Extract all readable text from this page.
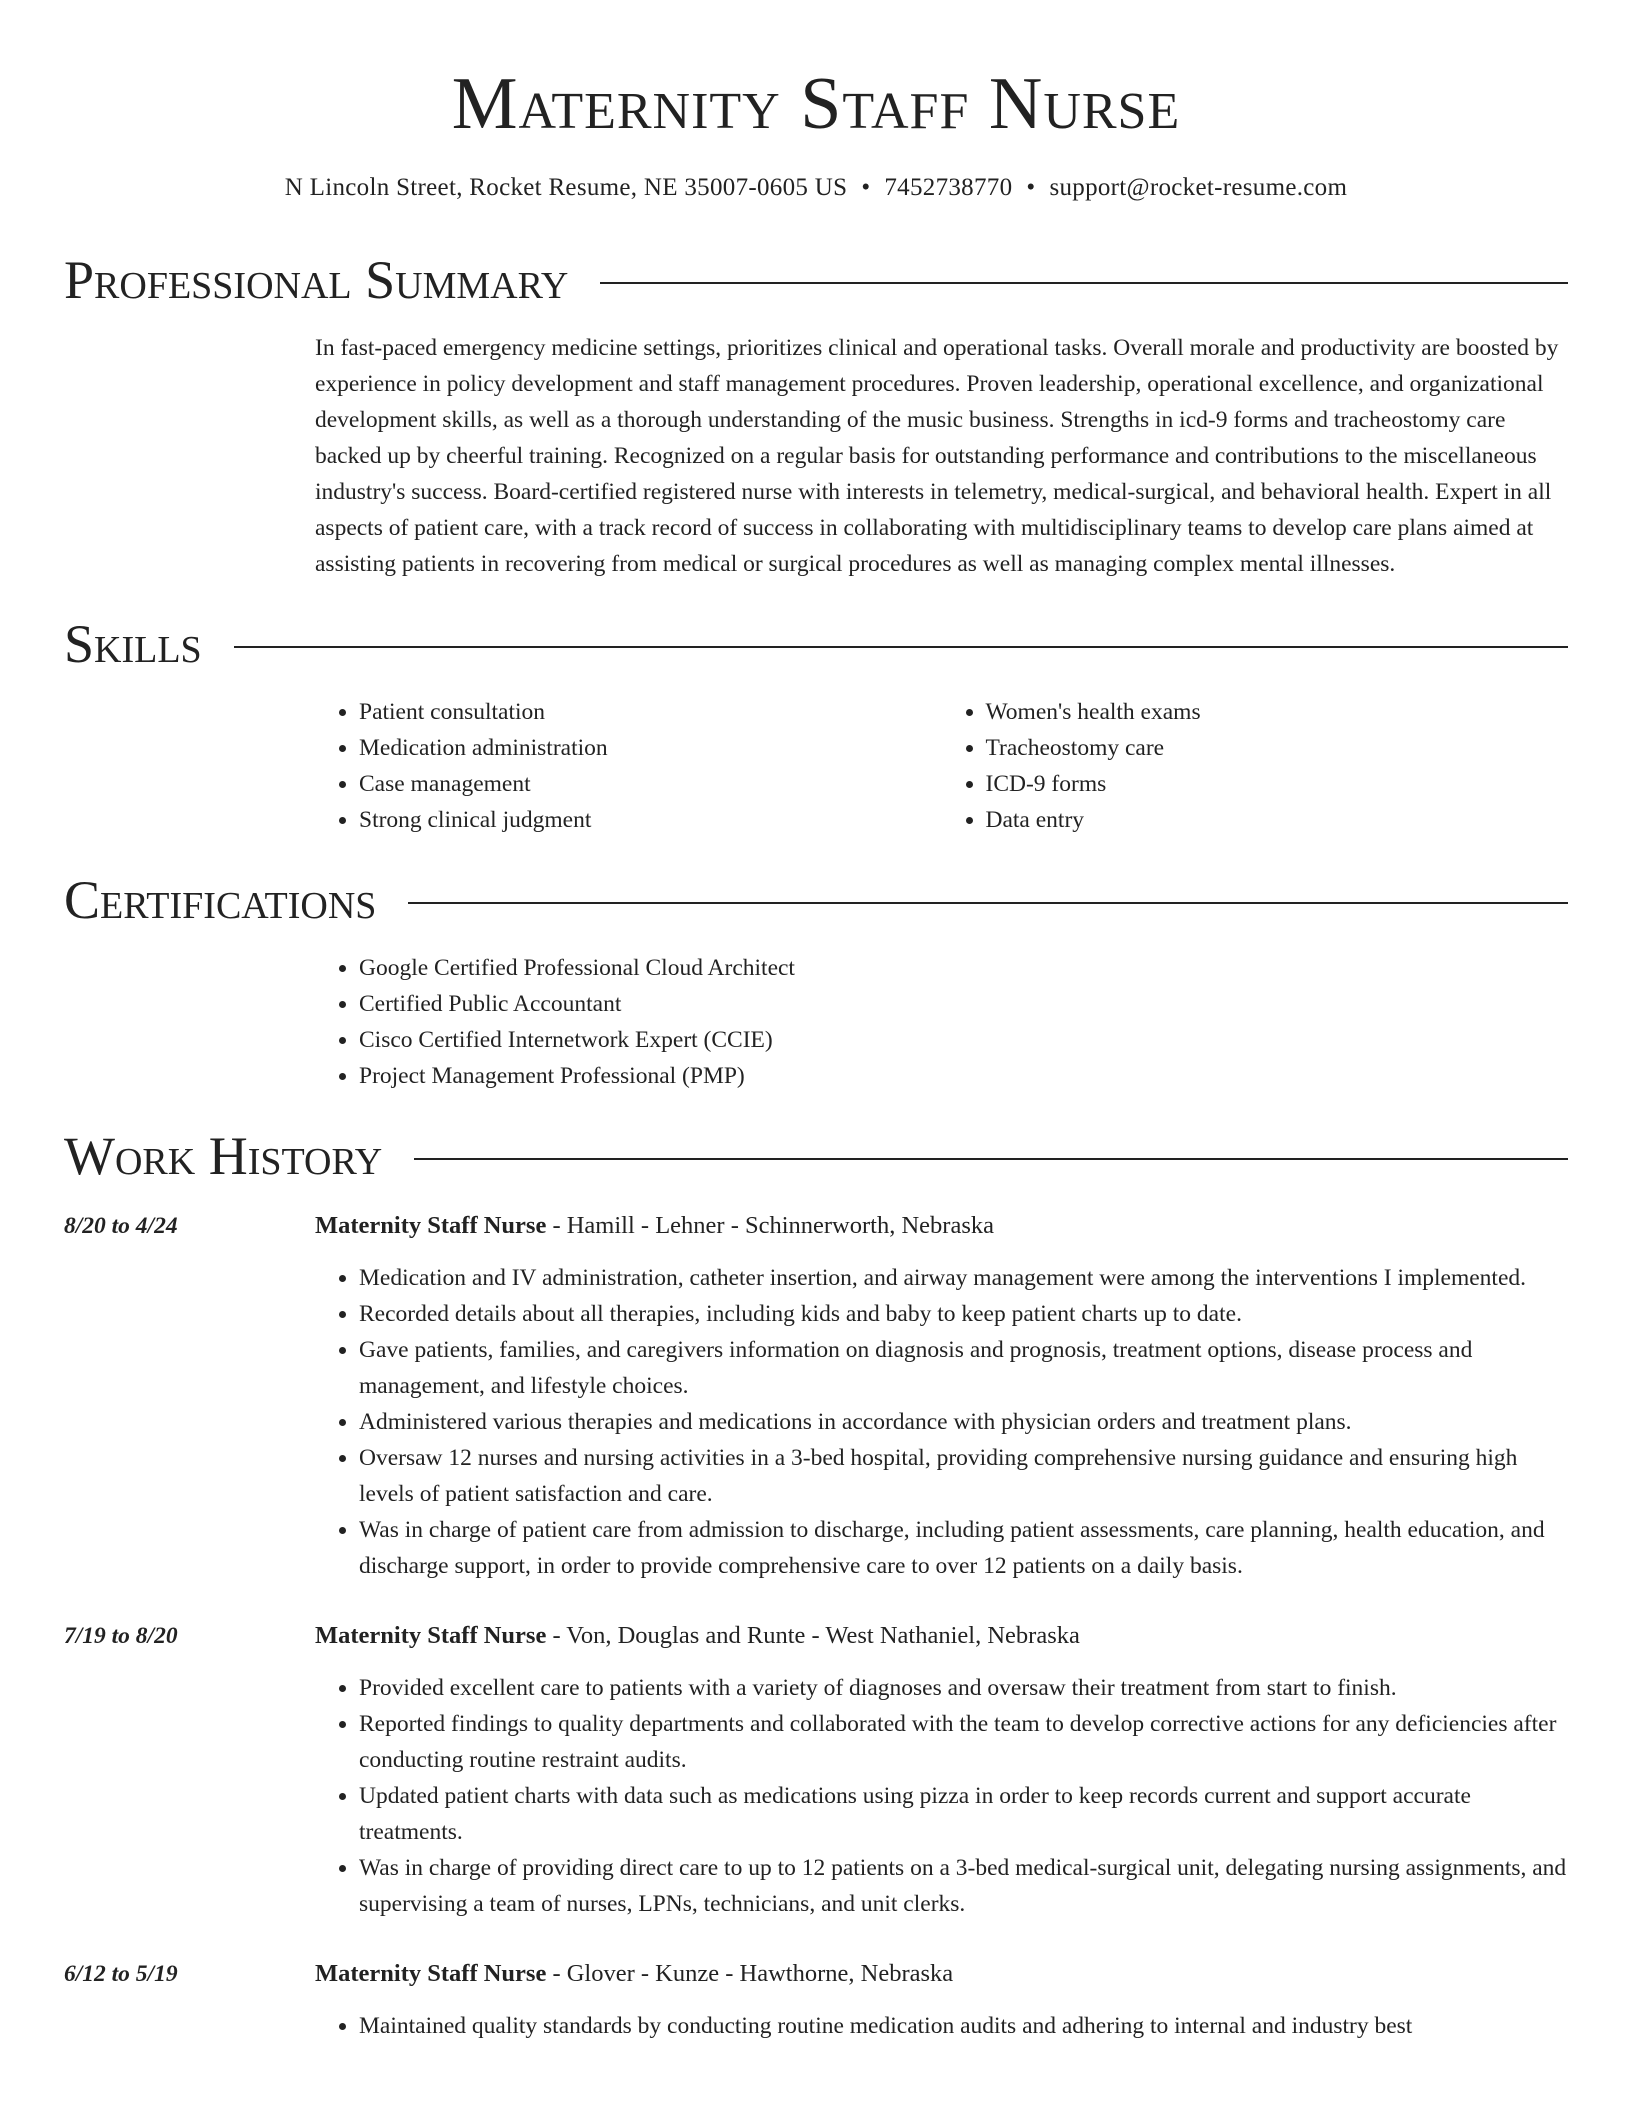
Maternity Staff Nurse
N Lincoln Street, Rocket Resume, NE 35007-0605 US • 7452738770 • support@rocket-resume.com
Professional Summary

In fast-paced emergency medicine settings, prioritizes clinical and operational tasks. Overall morale and productivity are boosted by experience in policy development and staff management procedures. Proven leadership, operational excellence, and organizational development skills, as well as a thorough understanding of the music business. Strengths in icd-9 forms and tracheostomy care backed up by cheerful training. Recognized on a regular basis for outstanding performance and contributions to the miscellaneous industry's success. Board-certified registered nurse with interests in telemetry, medical-surgical, and behavioral health. Expert in all aspects of patient care, with a track record of success in collaborating with multidisciplinary teams to develop care plans aimed at assisting patients in recovering from medical or surgical procedures as well as managing complex mental illnesses.

Skills
• Patient consultation
• Medication administration
• Case management
• Strong clinical judgment
• Women's health exams
• Tracheostomy care
• ICD-9 forms
• Data entry
Certifications
• Google Certified Professional Cloud Architect
• Certified Public Accountant
• Cisco Certified Internetwork Expert (CCIE)
• Project Management Professional (PMP)
Work History
8/20 to 4/24	Maternity Staff Nurse - Hamill - Lehner - Schinnerworth, Nebraska
• Medication and IV administration, catheter insertion, and airway management were among the interventions I implemented.
• Recorded details about all therapies, including kids and baby to keep patient charts up to date.
• Gave patients, families, and caregivers information on diagnosis and prognosis, treatment options, disease process and management, and lifestyle choices.
• Administered various therapies and medications in accordance with physician orders and treatment plans.
• Oversaw 12 nurses and nursing activities in a 3-bed hospital, providing comprehensive nursing guidance and ensuring high levels of patient satisfaction and care.
• Was in charge of patient care from admission to discharge, including patient assessments, care planning, health education, and discharge support, in order to provide comprehensive care to over 12 patients on a daily basis.
7/19 to 8/20	Maternity Staff Nurse - Von, Douglas and Runte - West Nathaniel, Nebraska
• Provided excellent care to patients with a variety of diagnoses and oversaw their treatment from start to finish.
• Reported findings to quality departments and collaborated with the team to develop corrective actions for any deficiencies after conducting routine restraint audits.
• Updated patient charts with data such as medications using pizza in order to keep records current and support accurate treatments.
• Was in charge of providing direct care to up to 12 patients on a 3-bed medical-surgical unit, delegating nursing assignments, and supervising a team of nurses, LPNs, technicians, and unit clerks.
6/12 to 5/19	Maternity Staff Nurse - Glover - Kunze - Hawthorne, Nebraska
• Maintained quality standards by conducting routine medication audits and adhering to internal and industry best
